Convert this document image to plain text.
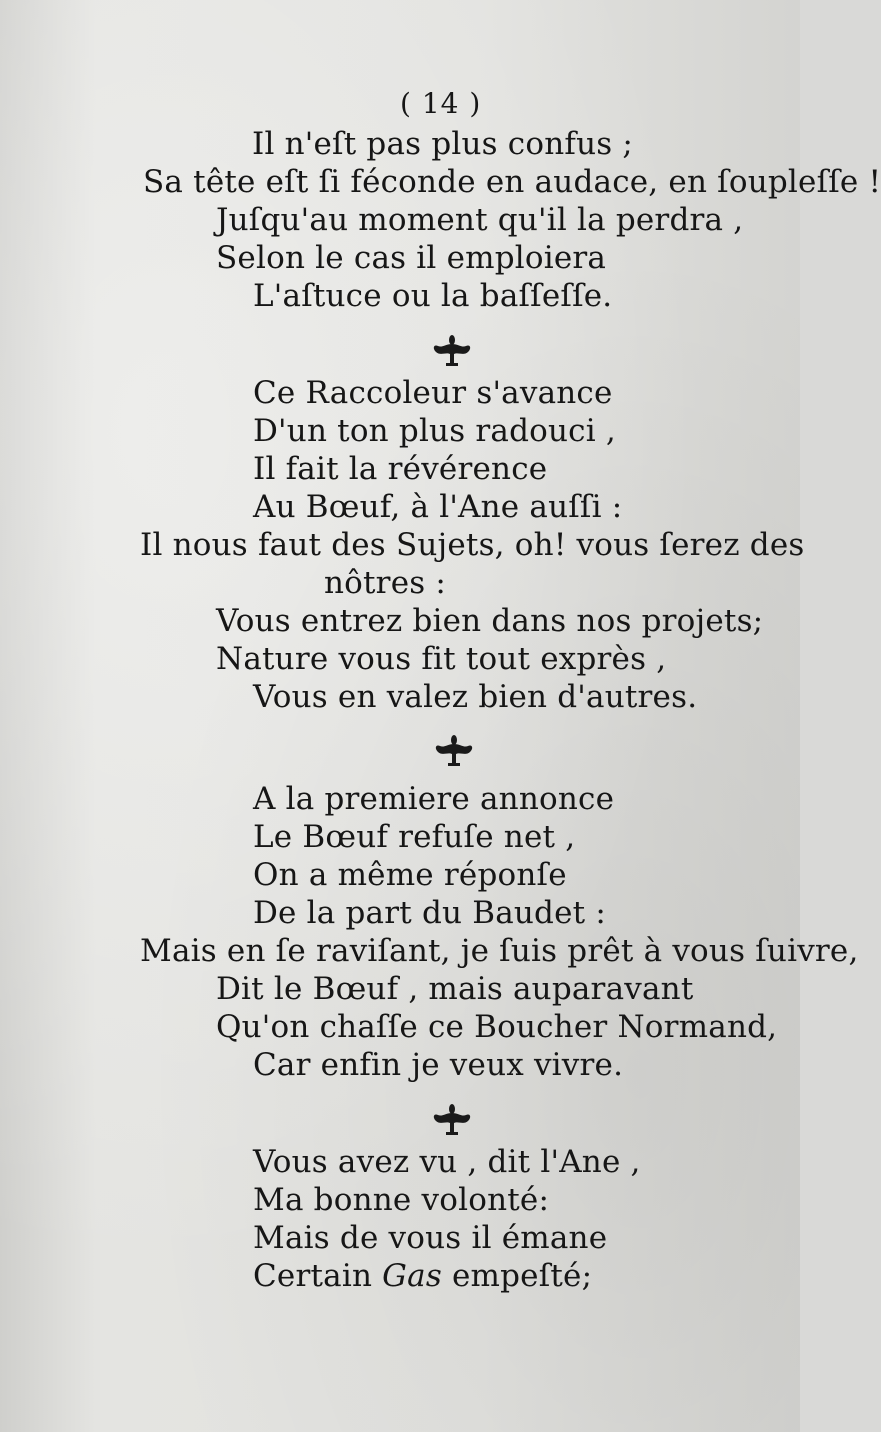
( 14 )
Il n'eſt pas plus confus ;
Sa tête eſt ſi féconde en audace, en ſoupleſſe !
Juſqu'au moment qu'il la perdra ,
Selon le cas il emploiera
L'aſtuce ou la baſſeſſe.
Ce Raccoleur s'avance
D'un ton plus radouci ,
Il fait la révérence
Au Bœuf, à l'Ane auſſi :
Il nous faut des Sujets, oh! vous ſerez des
nôtres :
Vous entrez bien dans nos projets;
Nature vous fit tout exprès ,
Vous en valez bien d'autres.
A la premiere annonce
Le Bœuf refuſe net ,
On a même réponſe
De la part du Baudet :
Mais en ſe raviſant, je ſuis prêt à vous ſuivre,
Dit le Bœuf , mais auparavant
Qu'on chaſſe ce Boucher Normand,
Car enfin je veux vivre.
Vous avez vu , dit l'Ane ,
Ma bonne volonté:
Mais de vous il émane
Certain Gas empeſté;
